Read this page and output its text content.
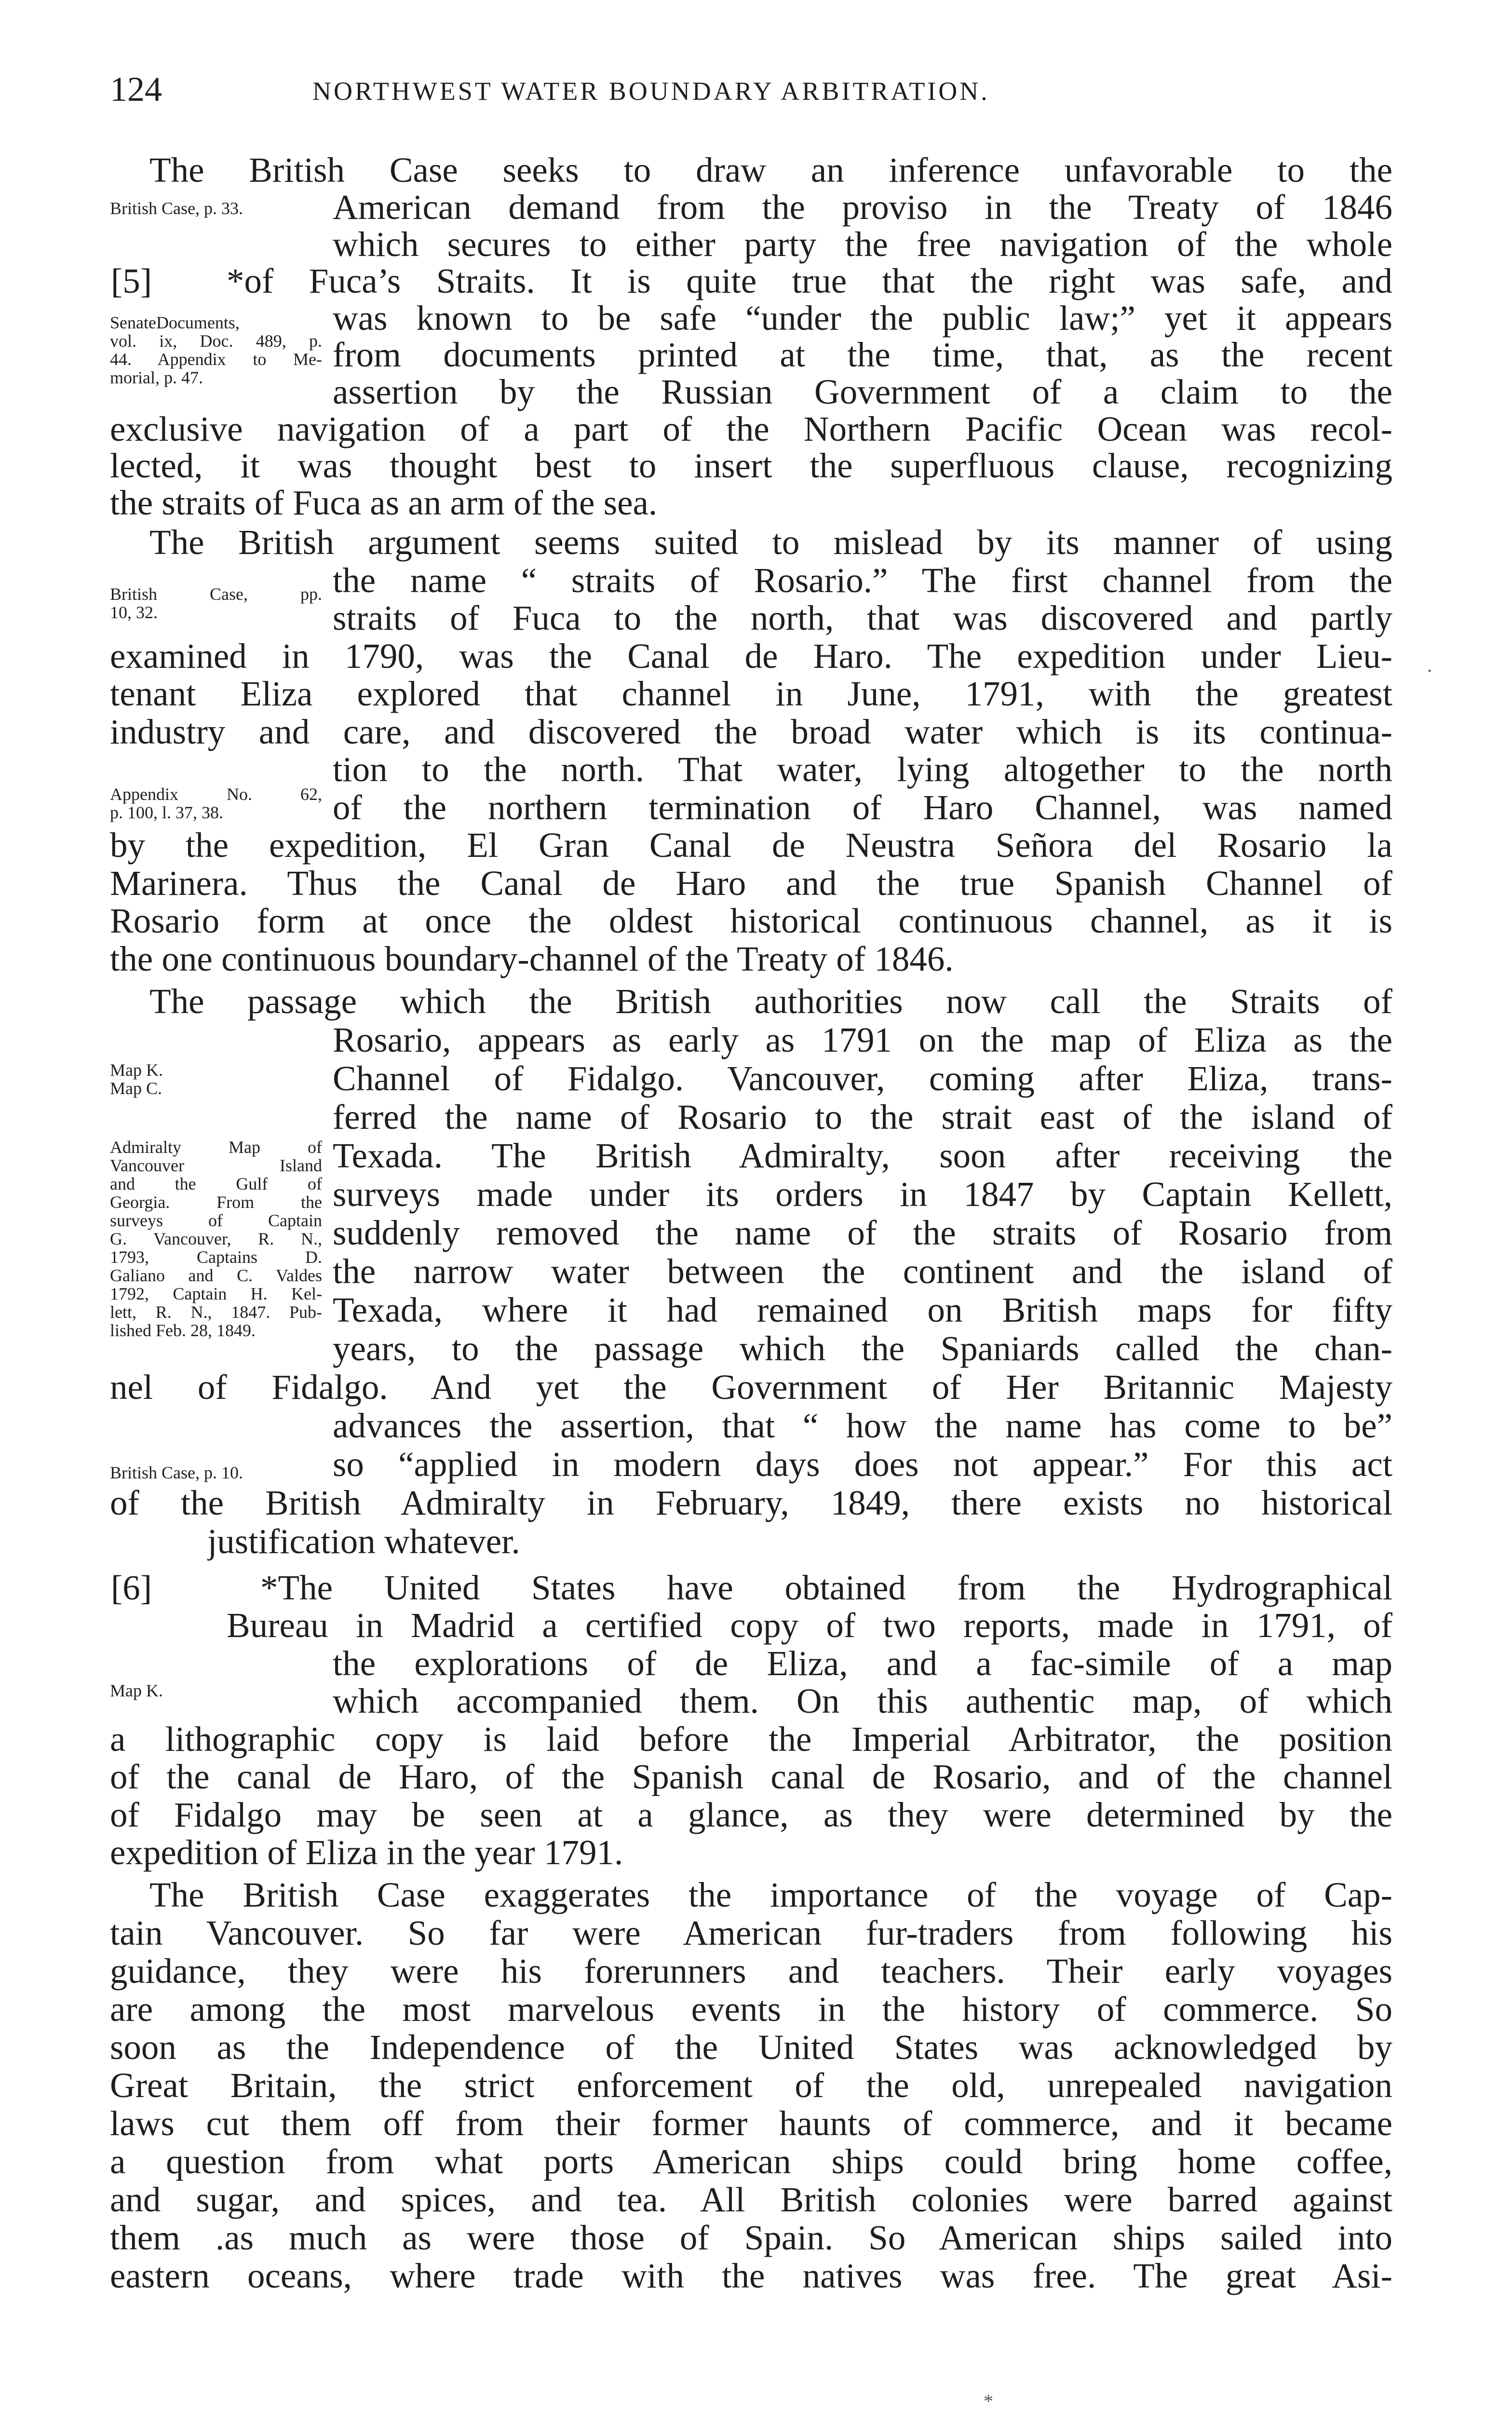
124	NORTHWEST WATER BOUNDARY ARBITRATION.
[5]
[6]
British Case, p. 33.
SenateDocuments,
vol. ix, Doc. 489, p.
44. Appendix to Me-
morial, p. 47.
British Case, pp.
10, 32.
Appendix No. 62,
p. 100, l. 37, 38.
Map K.
Map C.
Admiralty Map of
Vancouver Island
and the Gulf of
Georgia. From the
surveys of Captain
G. Vancouver, R. N.,
1793, Captains D.
Galiano and C. Valdes
1792, Captain H. Kel-
lett, R. N., 1847. Pub-
lished Feb. 28, 1849.
British Case, p. 10.
Map K.
The British Case seeks to draw an inference unfavorable to the
American demand from the proviso in the Treaty of 1846
which secures to either party the free navigation of the whole
*of Fuca’s Straits. It is quite true that the right was safe, and
was known to be safe “under the public law;” yet it appears
from documents printed at the time, that, as the recent
assertion by the Russian Government of a claim to the
exclusive navigation of a part of the Northern Pacific Ocean was recol-
lected, it was thought best to insert the superfluous clause, recognizing
the straits of Fuca as an arm of the sea.
The British argument seems suited to mislead by its manner of using
the name “ straits of Rosario.” The first channel from the
straits of Fuca to the north, that was discovered and partly
examined in 1790, was the Canal de Haro. The expedition under Lieu-
tenant Eliza explored that channel in June, 1791, with the greatest
industry and care, and discovered the broad water which is its continua-
tion to the north. That water, lying altogether to the north
of the northern termination of Haro Channel, was named
by the expedition, El Gran Canal de Neustra Señora del Rosario la
Marinera. Thus the Canal de Haro and the true Spanish Channel of
Rosario form at once the oldest historical continuous channel, as it is
the one continuous boundary-channel of the Treaty of 1846.
The passage which the British authorities now call the Straits of
Rosario, appears as early as 1791 on the map of Eliza as the
Channel of Fidalgo. Vancouver, coming after Eliza, trans-
ferred the name of Rosario to the strait east of the island of
Texada. The British Admiralty, soon after receiving the
surveys made under its orders in 1847 by Captain Kellett,
suddenly removed the name of the straits of Rosario from
the narrow water between the continent and the island of
Texada, where it had remained on British maps for fifty
years, to the passage which the Spaniards called the chan-
nel of Fidalgo. And yet the Government of Her Britannic Majesty
advances the assertion, that “ how the name has come to be”
so “applied in modern days does not appear.” For this act
of the British Admiralty in February, 1849, there exists no historical
justification whatever.
*The United States have obtained from the Hydrographical
Bureau in Madrid a certified copy of two reports, made in 1791, of
the explorations of de Eliza, and a fac-simile of a map
which accompanied them. On this authentic map, of which
a lithographic copy is laid before the Imperial Arbitrator, the position
of the canal de Haro, of the Spanish canal de Rosario, and of the channel
of Fidalgo may be seen at a glance, as they were determined by the
expedition of Eliza in the year 1791.
The British Case exaggerates the importance of the voyage of Cap-
tain Vancouver. So far were American fur-traders from following his
guidance, they were his forerunners and teachers. Their early voyages
are among the most marvelous events in the history of commerce. So
soon as the Independence of the United States was acknowledged by
Great Britain, the strict enforcement of the old, unrepealed navigation
laws cut them off from their former haunts of commerce, and it became
a question from what ports American ships could bring home coffee,
and sugar, and spices, and tea. All British colonies were barred against
them .as much as were those of Spain. So American ships sailed into
eastern oceans, where trade with the natives was free. The great Asi-
.
*
